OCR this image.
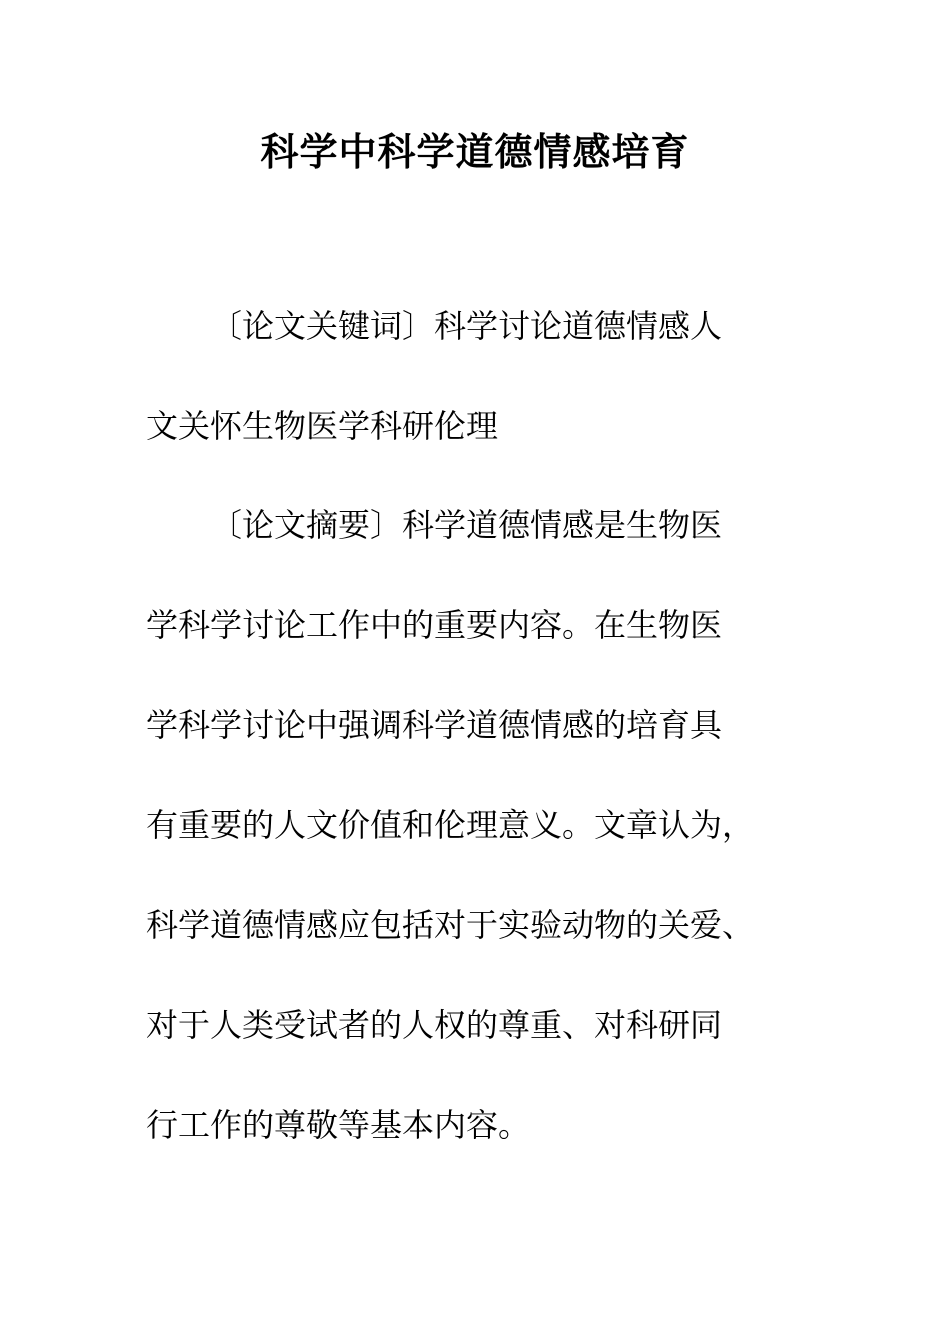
科学中科学道德情感培育
〔论文关键词〕科学讨论道德情感人
文关怀生物医学科研伦理
〔论文摘要〕科学道德情感是生物医
学科学讨论工作中的重要内容。在生物医
学科学讨论中强调科学道德情感的培育具
有重要的人文价值和伦理意义。文章认为，
科学道德情感应包括对于实验动物的关爱、
对于人类受试者的人权的尊重、对科研同
行工作的尊敬等基本内容。
